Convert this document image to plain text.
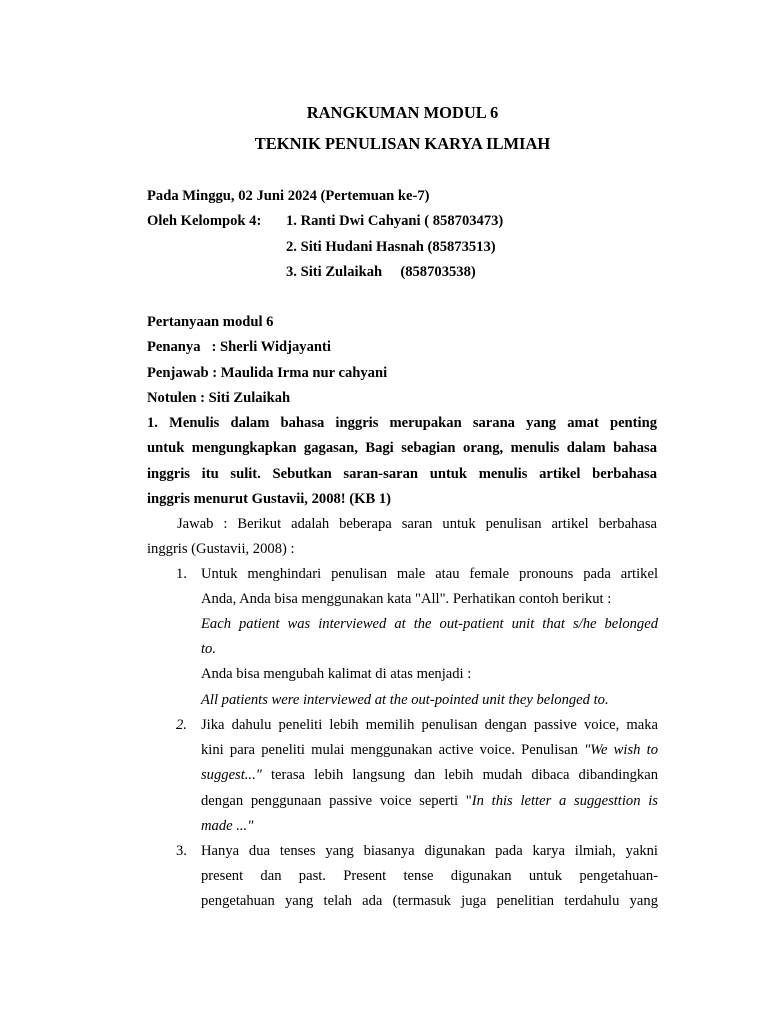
RANGKUMAN MODUL 6
TEKNIK PENULISAN KARYA ILMIAH
Pada Minggu, 02 Juni 2024 (Pertemuan ke-7)
Oleh Kelompok 4: 1. Ranti Dwi Cahyani ( 858703473)
2. Siti Hudani Hasnah (85873513)
3. Siti Zulaikah     (858703538)
Pertanyaan modul 6
Penanya   : Sherli Widjayanti
Penjawab : Maulida Irma nur cahyani
Notulen : Siti Zulaikah
1. Menulis dalam bahasa inggris merupakan sarana yang amat penting
untuk mengungkapkan gagasan, Bagi sebagian orang, menulis dalam bahasa
inggris itu sulit. Sebutkan saran-saran untuk menulis artikel berbahasa
inggris menurut Gustavii, 2008! (KB 1)
Jawab : Berikut adalah beberapa saran untuk penulisan artikel berbahasa
inggris (Gustavii, 2008) :
1. Untuk menghindari penulisan male atau female pronouns pada artikel
Anda, Anda bisa menggunakan kata "All". Perhatikan contoh berikut :
Each patient was interviewed at the out-patient unit that s/he belonged
to.
Anda bisa mengubah kalimat di atas menjadi :
All patients were interviewed at the out-pointed unit they belonged to.
2. Jika dahulu peneliti lebih memilih penulisan dengan passive voice, maka
kini para peneliti mulai menggunakan active voice. Penulisan "We wish to
suggest..." terasa lebih langsung dan lebih mudah dibaca dibandingkan
dengan penggunaan passive voice seperti "In this letter a suggesttion is
made ..."
3. Hanya dua tenses yang biasanya digunakan pada karya ilmiah, yakni
present dan past. Present tense digunakan untuk pengetahuan-
pengetahuan yang telah ada (termasuk juga penelitian terdahulu yang
